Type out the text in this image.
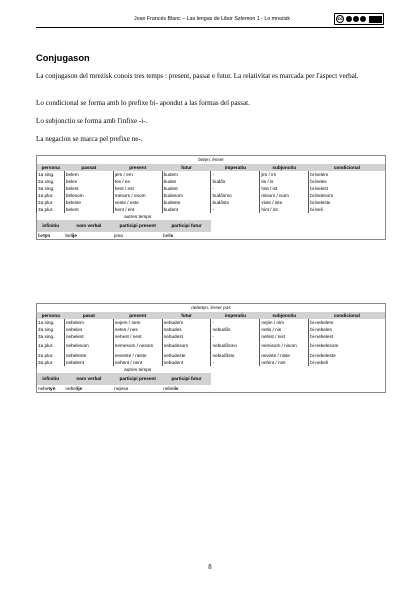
Joan Francés Blanc – Las lengas de Libor Sztemon 1 - Lo mrezisk	cc
Conjugason

La conjugason del mrezisk conois tres temps : present, passat e futur. La relativitat es marcada per l'aspect verbal.

Lo condicional se forma amb lo prefixe bi- apondut a las formas del passat.

Lo subjonctiu se forma amb l'infixe -i-.

La negacion se marca pel prefixe ne-.

betyn, èsser						
persona	passat	present	futur	imperatiu	subjonctiu	condicional
1a sing.	belem	jem / em	budem	-	jim / im	bi-belem
2a sing.	beles	tes / es	budes	budős	tis / is	bi-beles
3a sing.	belest	hest / est	budest	-	hist / ist	bi-belest
1a plur.	belesom	mesom / esom	budesom	budősmo	misom / isom	bi-belesom
2a plur.	beleste	veste / este	budeste	budősto	viste / iste	bi-beleste
3a plur.	belent	hent / ent	budent	-	hint / int	bi-beli
	autres temps					
infinitiu	nom verbal	participi present	participi futur			
betyn	belije	jesa	beliv			
nebetyn, èsser pas						
persona	pasat	present	futur	imperatiu	subjonctiu	condicional
1a sing.	nebelem	nejem / nem	nebudem	-	nejim / nim	bi-nebelem
2a sing.	nebeles	netes / nes	nebudes	nebudős	netis / nis	bi-nebeles
3a sing.	nebelest	nehest / nest	nebudest	-	nehist / nist	bi-nebelest
1a plur.	nebelesom	nemesom / nesom	nebudesom	nebudősmo	nemisom / nisom	bi-nebelesom
2a plur.	nebeleste	neveste / neste	nebudeste	nebudősto	neviste / niste	bi-nebeleste
3a plur.	nebelent	nehent / nent	nebudent	-	nehint / nint	bi-nebeli
	autres temps					
infinitiu	nom verbal	participi present	participi futur			
nebetyn	nebelije	nejesa	nebeliv			
8
